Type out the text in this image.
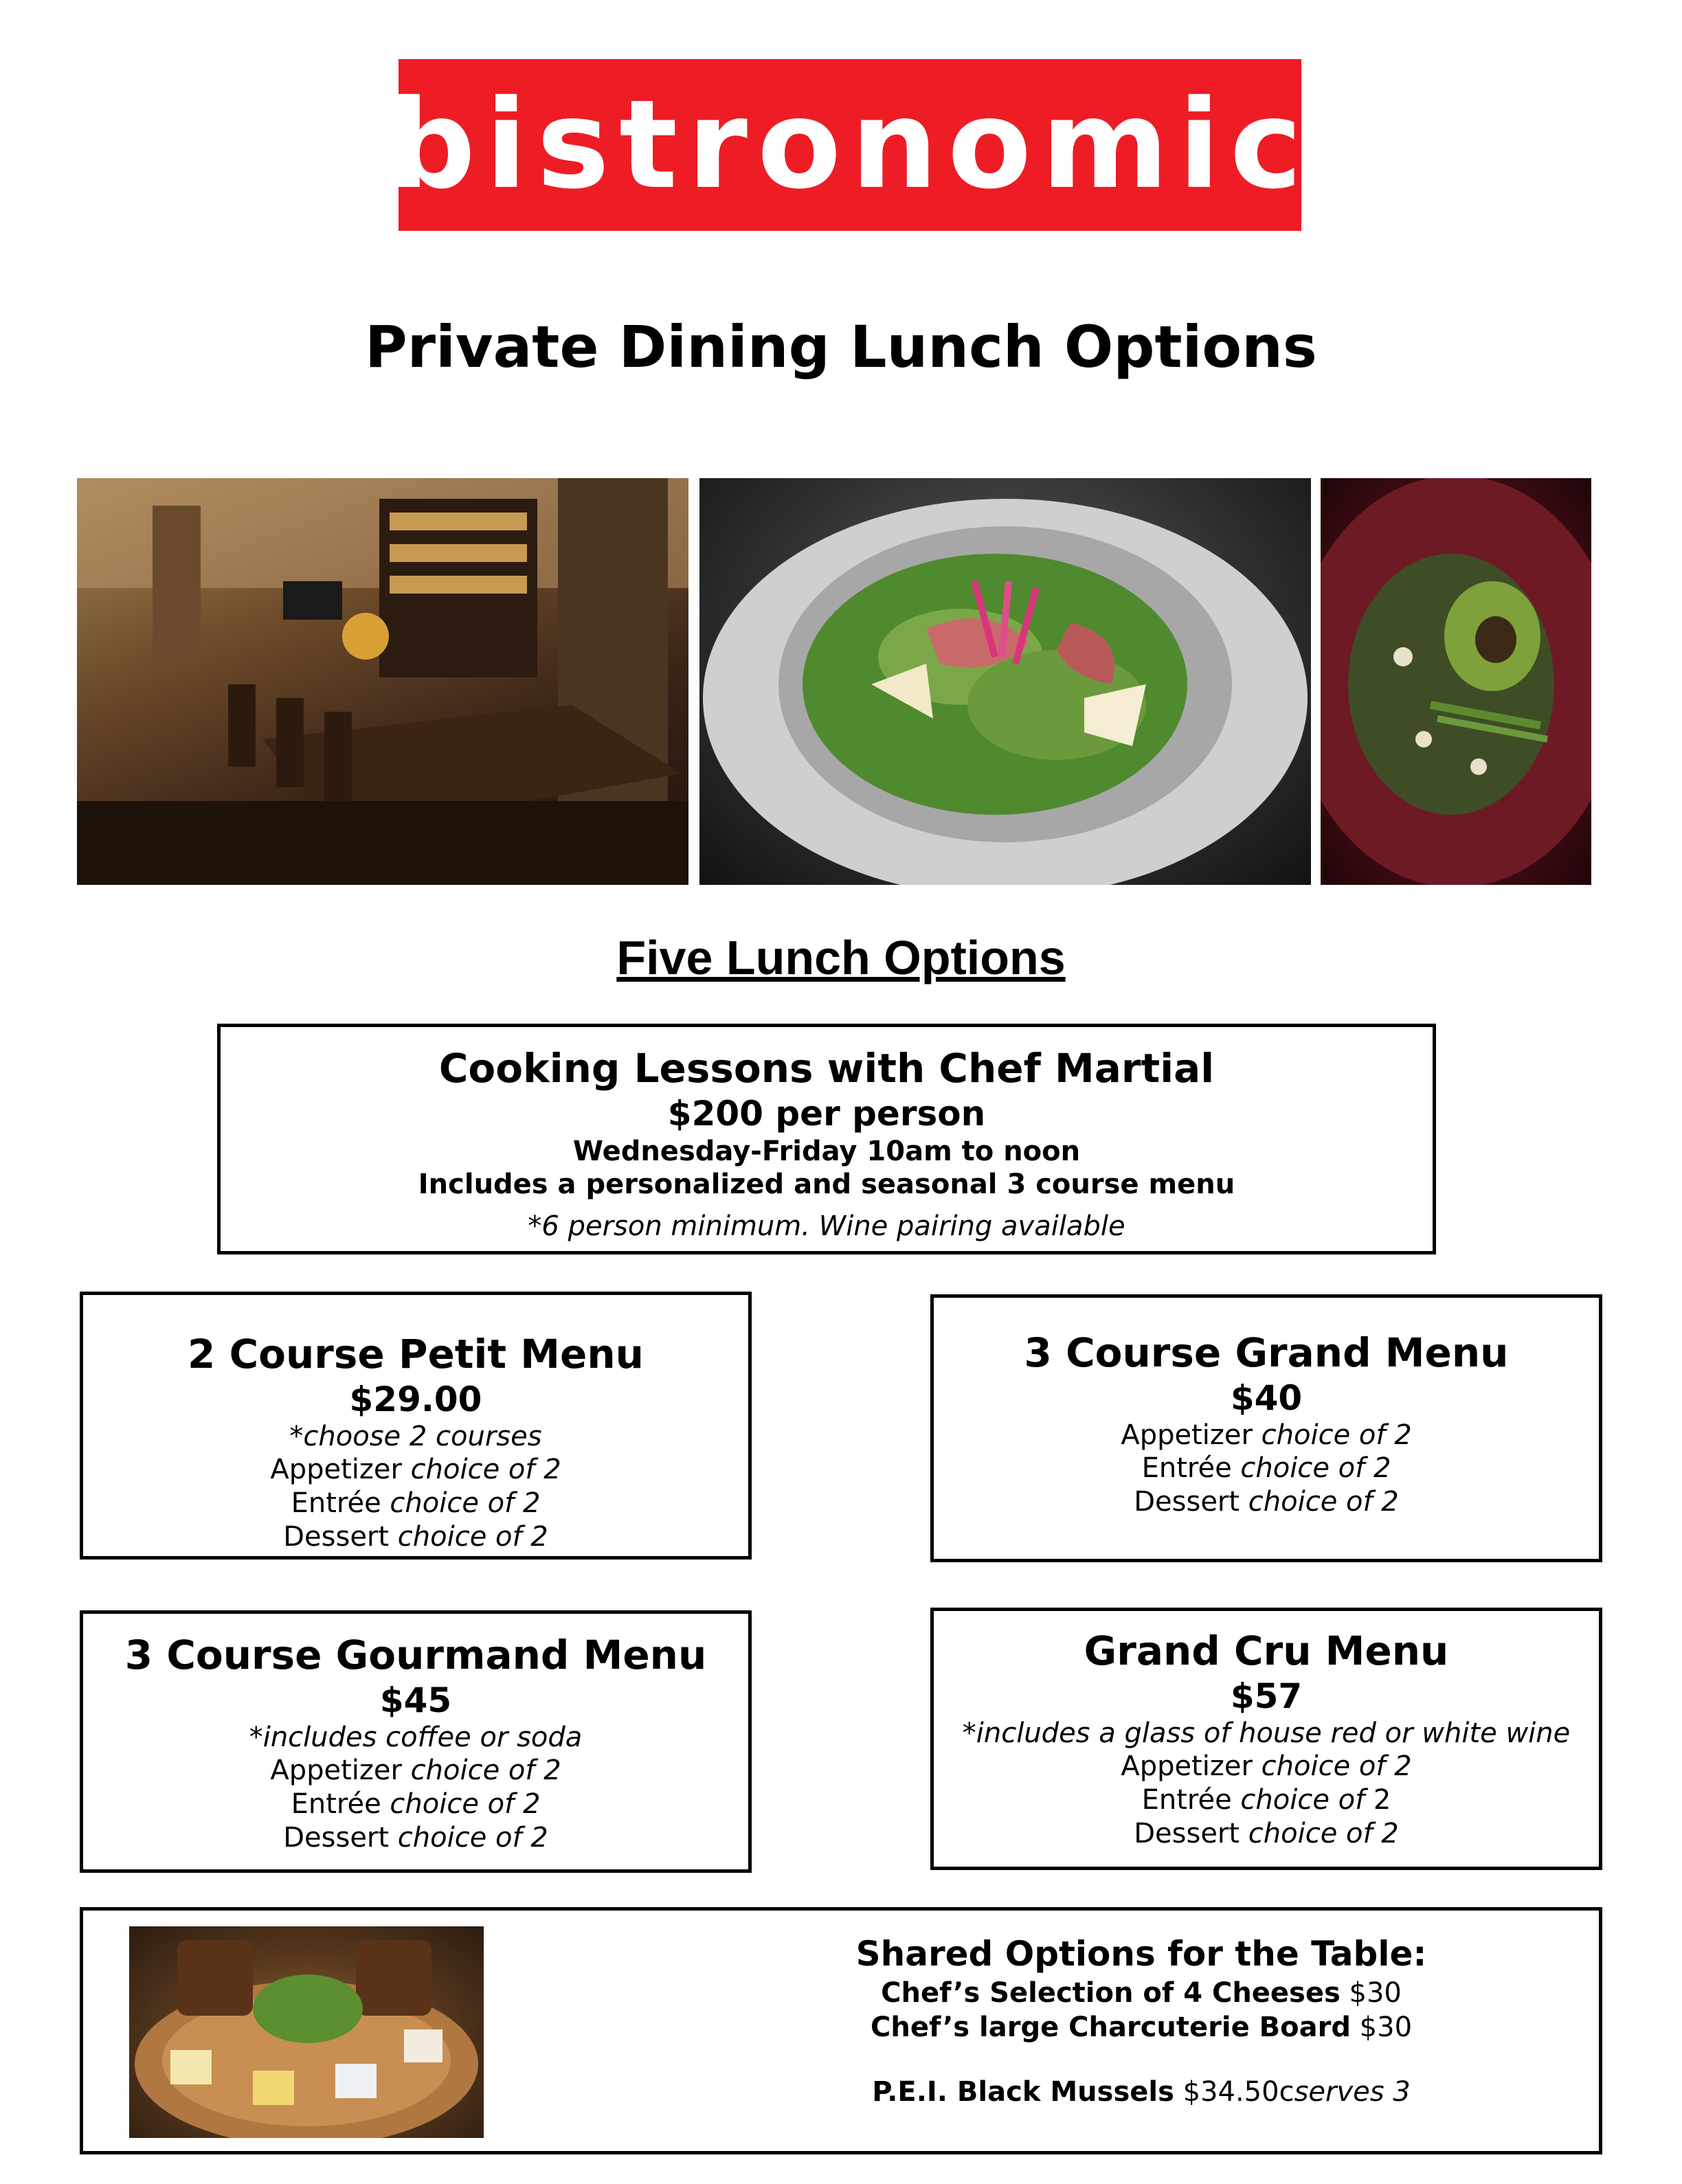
bistronomic
Private Dining Lunch Options
Five Lunch Options
Cooking Lessons with Chef Martial
$200 per person
Wednesday-Friday 10am to noon
Includes a personalized and seasonal 3 course menu
*6 person minimum. Wine pairing available
2 Course Petit Menu
$29.00
*choose 2 courses
Appetizer choice of 2
Entrée choice of 2
Dessert choice of 2
3 Course Grand Menu
$40
Appetizer choice of 2
Entrée choice of 2
Dessert choice of 2
3 Course Gourmand Menu
$45
*includes coffee or soda
Appetizer choice of 2
Entrée choice of 2
Dessert choice of 2
Grand Cru Menu
$57
*includes a glass of house red or white wine
Appetizer choice of 2
Entrée choice of 2
Dessert choice of 2
Shared Options for the Table:
Chef’s Selection of 4 Cheeses $30
Chef’s large Charcuterie Board $30
P.E.I. Black Mussels $34.50cserves 3
